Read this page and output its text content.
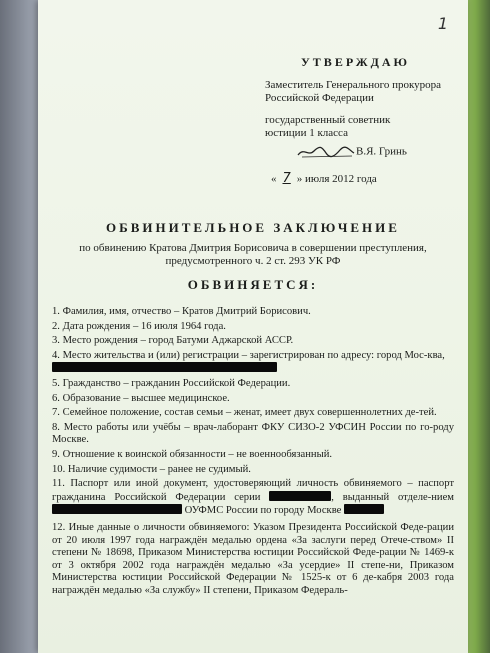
1
УТВЕРЖДАЮ
Заместитель Генерального прокурора
Российской Федерации
государственный советник
юстиции 1 класса
В.Я. Гринь
« 7 » июля 2012 года
ОБВИНИТЕЛЬНОЕ ЗАКЛЮЧЕНИЕ
по обвинению Кратова Дмитрия Борисовича в совершении преступления,
предусмотренного ч. 2 ст. 293 УК РФ
ОБВИНЯЕТСЯ:
1. Фамилия, имя, отчество – Кратов Дмитрий Борисович.
2. Дата рождения – 16 июля 1964 года.
3. Место рождения – город Батуми Аджарской АССР.
4. Место жительства и (или) регистрации – зарегистрирован по адресу: город Мос-ква,

5. Гражданство – гражданин Российской Федерации.
6. Образование – высшее медицинское.
7. Семейное положение, состав семьи – женат, имеет двух совершеннолетних де-тей.
8. Место работы или учёбы – врач-лаборант ФКУ СИЗО-2 УФСИН России по го-роду Москве.
9. Отношение к воинской обязанности – не военнообязанный.
10. Наличие судимости – ранее не судимый.
11. Паспорт или иной документ, удостоверяющий личность обвиняемого – паспорт гражданина Российской Федерации серии	, выданный отделе-нием  ОУФМС России по городу Москве
12. Иные данные о личности обвиняемого: Указом Президента Российской Феде-рации от 20 июля 1997 года награждён медалью ордена «За заслуги перед Отече-ством» II степени № 18698, Приказом Министерства юстиции Российской Феде-рации № 1469-к от 3 октября 2002 года награждён медалью «За усердие» II степе-ни, Приказом Министерства юстиции Российской Федерации № 1525-к от 6 де-кабря 2003 года награждён медалью «За службу» II степени, Приказом Федераль-
